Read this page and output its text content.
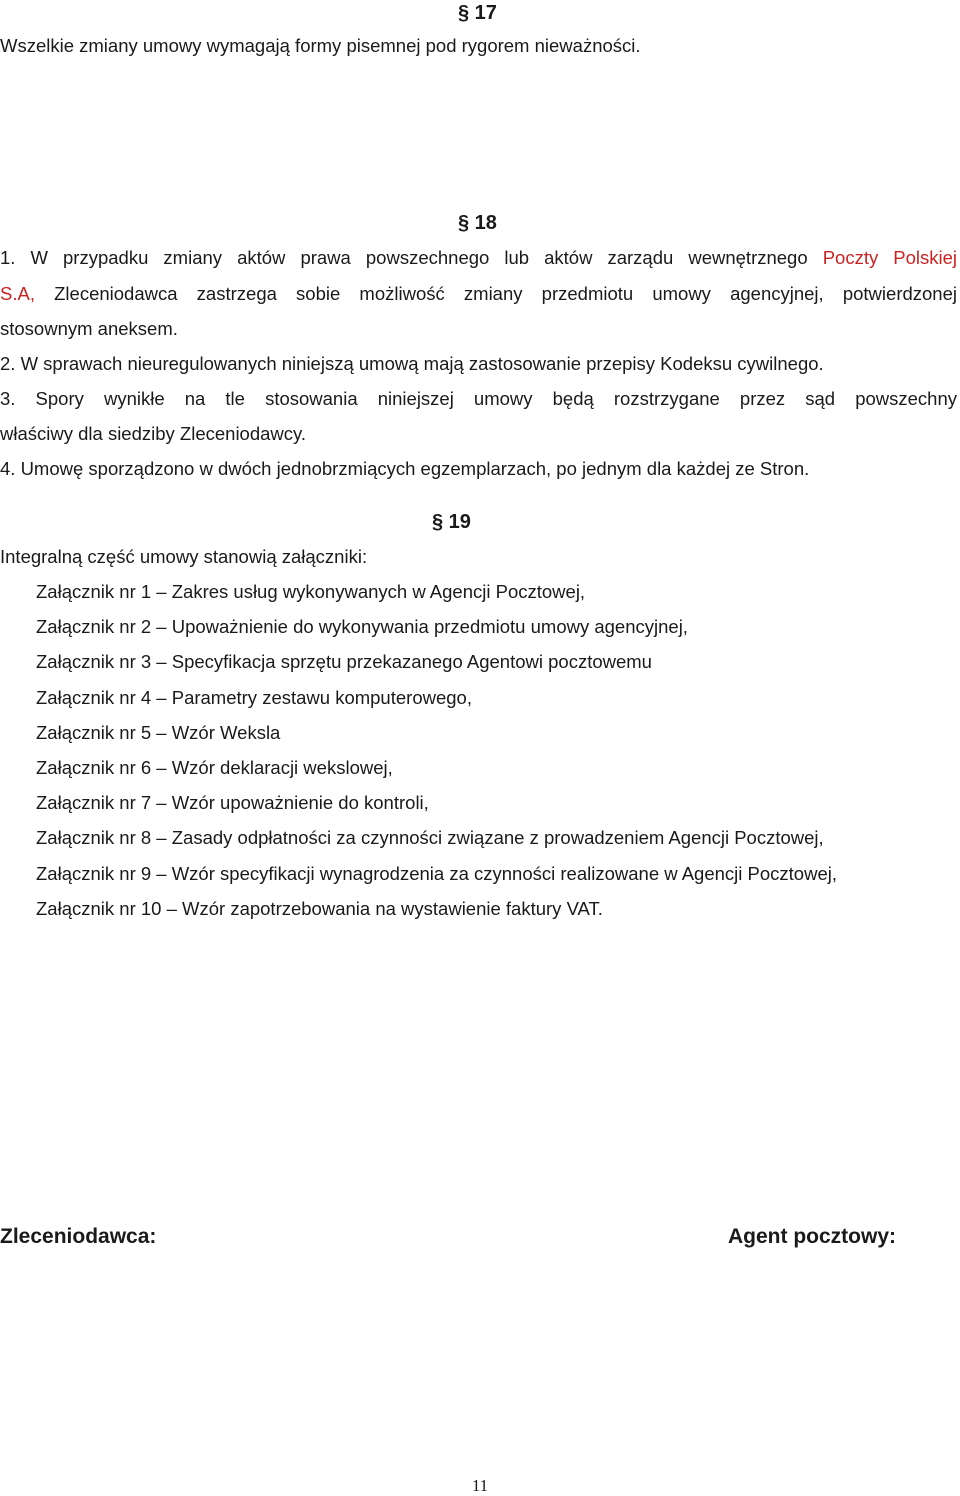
§ 17
Wszelkie zmiany umowy wymagają formy pisemnej pod rygorem nieważności.
§ 18
1. W przypadku zmiany aktów prawa powszechnego lub aktów zarządu wewnętrznego Poczty Polskiej
S.A, Zleceniodawca zastrzega sobie możliwość zmiany przedmiotu umowy agencyjnej, potwierdzonej
stosownym aneksem.
2. W sprawach nieuregulowanych niniejszą umową mają zastosowanie przepisy Kodeksu cywilnego.
3. Spory wynikłe na tle stosowania niniejszej umowy będą rozstrzygane przez sąd powszechny
właściwy dla siedziby Zleceniodawcy.
4. Umowę sporządzono w dwóch jednobrzmiących egzemplarzach, po jednym dla każdej ze Stron.
§ 19
Integralną część umowy stanowią załączniki:
Załącznik nr 1 – Zakres usług wykonywanych w Agencji Pocztowej,
Załącznik nr 2 – Upoważnienie do wykonywania przedmiotu umowy agencyjnej,
Załącznik nr 3 – Specyfikacja sprzętu przekazanego Agentowi pocztowemu
Załącznik nr 4 – Parametry zestawu komputerowego,
Załącznik nr 5 – Wzór Weksla
Załącznik nr 6 – Wzór deklaracji wekslowej,
Załącznik nr 7 – Wzór upoważnienie do kontroli,
Załącznik nr 8 – Zasady odpłatności za czynności związane z prowadzeniem Agencji Pocztowej,
Załącznik nr 9 – Wzór specyfikacji wynagrodzenia za czynności realizowane w Agencji Pocztowej,
Załącznik nr 10 – Wzór zapotrzebowania na wystawienie faktury VAT.
Zleceniodawca:	Agent pocztowy:
11
